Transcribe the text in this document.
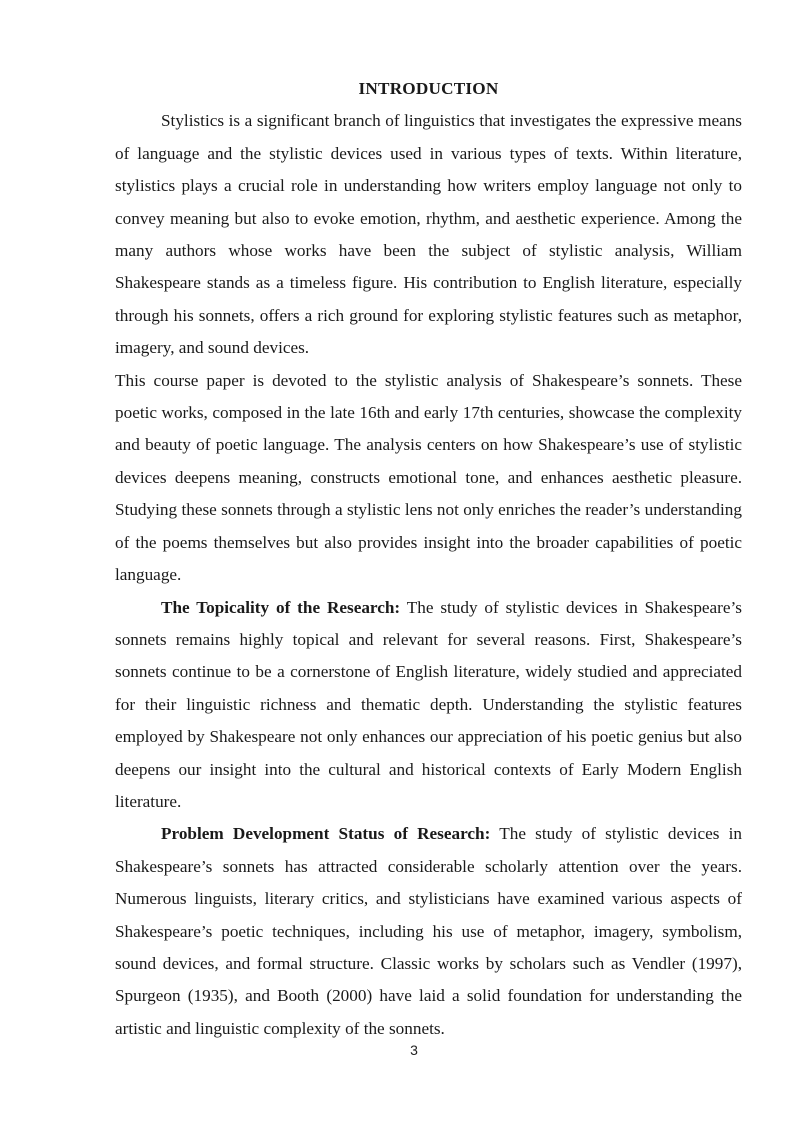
INTRODUCTION

Stylistics is a significant branch of linguistics that investigates the expressive means of language and the stylistic devices used in various types of texts. Within literature, stylistics plays a crucial role in understanding how writers employ language not only to convey meaning but also to evoke emotion, rhythm, and aesthetic experience. Among the many authors whose works have been the subject of stylistic analysis, William Shakespeare stands as a timeless figure. His contribution to English literature, especially through his sonnets, offers a rich ground for exploring stylistic features such as metaphor, imagery, and sound devices.

This course paper is devoted to the stylistic analysis of Shakespeare’s sonnets. These poetic works, composed in the late 16th and early 17th centuries, showcase the complexity and beauty of poetic language. The analysis centers on how Shakespeare’s use of stylistic devices deepens meaning, constructs emotional tone, and enhances aesthetic pleasure. Studying these sonnets through a stylistic lens not only enriches the reader’s understanding of the poems themselves but also provides insight into the broader capabilities of poetic language.

The Topicality of the Research: The study of stylistic devices in Shakespeare’s sonnets remains highly topical and relevant for several reasons. First, Shakespeare’s sonnets continue to be a cornerstone of English literature, widely studied and appreciated for their linguistic richness and thematic depth. Understanding the stylistic features employed by Shakespeare not only enhances our appreciation of his poetic genius but also deepens our insight into the cultural and historical contexts of Early Modern English literature.

Problem Development Status of Research: The study of stylistic devices in Shakespeare’s sonnets has attracted considerable scholarly attention over the years. Numerous linguists, literary critics, and stylisticians have examined various aspects of Shakespeare’s poetic techniques, including his use of metaphor, imagery, symbolism, sound devices, and formal structure. Classic works by scholars such as Vendler (1997), Spurgeon (1935), and Booth (2000) have laid a solid foundation for understanding the artistic and linguistic complexity of the sonnets.

3
